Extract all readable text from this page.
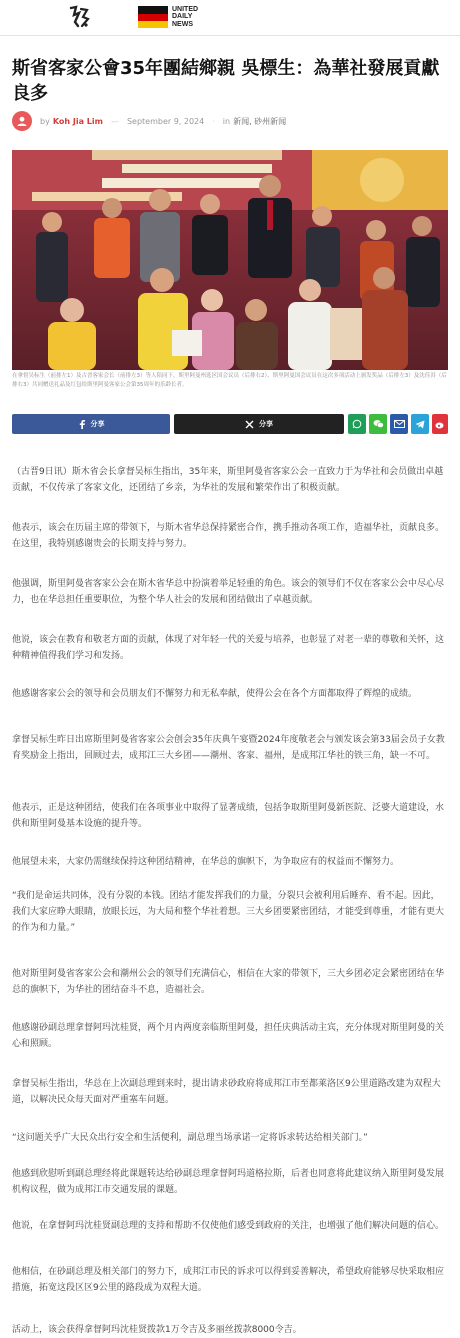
UNITED
DAILY
NEWS
斯省客家公會35年團結鄉親 吳標生：為華社發展貢獻良多
by Koh Jia Lim — September 9, 2024 · in 新闻, 砂州新闻
在拿督吴标生（前排左1）及古晋客家会长（前排左3）等人陪同下，斯里阿曼州选区国会议员（后排右2）、斯里阿曼国会议员在这次多项活动上颁发奖品（后排左3）及沈佳洱（后排右3）共同赠送礼品及红包给斯里阿曼客家公会第35周年的乐龄长者。
分享	分享

（古晋9日讯）斯木省会长拿督吴标生指出，35年来，斯里阿曼省客家公会一直致力于为华社和会员做出卓越贡献，不仅传承了客家文化，还团结了乡亲，为华社的发展和繁荣作出了积极贡献。

他表示，该会在历届主席的带领下，与斯木省华总保持紧密合作，携手推动各项工作，造福华社，贡献良多。在这里，我特别感谢贵会的长期支持与努力。

他强调，斯里阿曼省客家公会在斯木省华总中扮演着举足轻重的角色。该会的领导们不仅在客家公会中尽心尽力，也在华总担任重要职位，为整个华人社会的发展和团结做出了卓越贡献。

他说，该会在教育和敬老方面的贡献，体现了对年轻一代的关爱与培养，也彰显了对老一辈的尊敬和关怀，这种精神值得我们学习和发扬。

他感谢客家公会的领导和会员朋友们不懈努力和无私奉献，使得公会在各个方面都取得了辉煌的成绩。

拿督吴标生昨日出席斯里阿曼省客家公会创会35年庆典午宴暨2024年度敬老会与颁发该会第33届会员子女教育奖励金上指出，回顾过去，成邦江三大乡团——潮州、客家、福州，是成邦江华社的铁三角，缺一不可。

他表示，正是这种团结，使我们在各项事业中取得了显著成绩，包括争取斯里阿曼新医院、泛婆大道建设，水供和斯里阿曼基本设施的提升等。

他展望未来，大家仍需继续保持这种团结精神，在华总的旗帜下，为争取应有的权益而不懈努力。

“我们是命运共同体，没有分裂的本钱。团结才能发挥我们的力量，分裂只会被利用后睡弃、看不起。因此，我们大家应睁大眼睛，放眼长远，为大局和整个华社着想。三大乡团要紧密团结，才能受到尊重，才能有更大的作为和力量。”

他对斯里阿曼省客家公会和潮州公会的领导们充满信心，相信在大家的带领下，三大乡团必定会紧密团结在华总的旗帜下，为华社的团结奋斗不息，造福社会。

他感谢砂副总理拿督阿玛沈桂贤，两个月内两度亲临斯里阿曼，担任庆典活动主宾，充分体现对斯里阿曼的关心和照顾。

拿督吴标生指出，华总在上次副总理到来时，提出请求砂政府将成邦江市至都莱洛区9公里道路改建为双程大道，以解决民众每天面对严重塞车问题。

“这问题关乎广大民众出行安全和生活便利，副总理当场承诺一定将诉求转达给相关部门。”

他感到欣慰听到副总理经将此课题转达给砂副总理拿督阿玛道格拉斯，后者也同意将此建议纳入斯里阿曼发展机构议程，做为成邦江市交通发展的课题。

他说，在拿督阿玛沈桂贤副总理的支持和帮助不仅使他们感受到政府的关注，也增强了他们解决问题的信心。

他相信，在砂副总理及相关部门的努力下，成邦江市民的诉求可以得到妥善解决，希望政府能够尽快采取相应措施，拓宽这段区区9公里的路段成为双程大道。

活动上，该会获得拿督阿玛沈桂贤拨款1万令吉及多丽丝拨款8000令吉。
